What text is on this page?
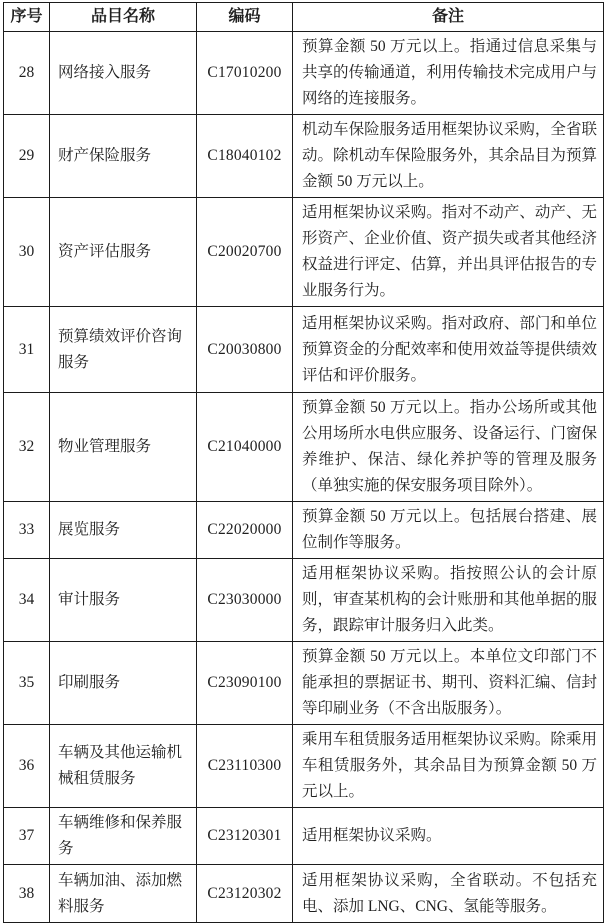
序号	品目名称	编码	备注
28	网络接入服务	C17010200	预算金额 50 万元以上。指通过信息采集与共享的传输通道，利用传输技术完成用户与网络的连接服务。
29	财产保险服务	C18040102	机动车保险服务适用框架协议采购，全省联动。除机动车保险服务外，其余品目为预算金额 50 万元以上。
30	资产评估服务	C20020700	适用框架协议采购。指对不动产、动产、无形资产、企业价值、资产损失或者其他经济权益进行评定、估算，并出具评估报告的专业服务行为。
31	预算绩效评价咨询服务	C20030800	适用框架协议采购。指对政府、部门和单位预算资金的分配效率和使用效益等提供绩效评估和评价服务。
32	物业管理服务	C21040000	预算金额 50 万元以上。指办公场所或其他公用场所水电供应服务、设备运行、门窗保养维护、保洁、绿化养护等的管理及服务（单独实施的保安服务项目除外）。
33	展览服务	C22020000	预算金额 50 万元以上。包括展台搭建、展位制作等服务。
34	审计服务	C23030000	适用框架协议采购。指按照公认的会计原则，审查某机构的会计账册和其他单据的服务，跟踪审计服务归入此类。
35	印刷服务	C23090100	预算金额 50 万元以上。本单位文印部门不能承担的票据证书、期刊、资料汇编、信封等印刷业务（不含出版服务）。
36	车辆及其他运输机械租赁服务	C23110300	乘用车租赁服务适用框架协议采购。除乘用车租赁服务外，其余品目为预算金额 50 万元以上。
37	车辆维修和保养服务	C23120301	适用框架协议采购。
38	车辆加油、添加燃料服务	C23120302	适用框架协议采购，全省联动。不包括充电、添加 LNG、CNG、氢能等服务。
